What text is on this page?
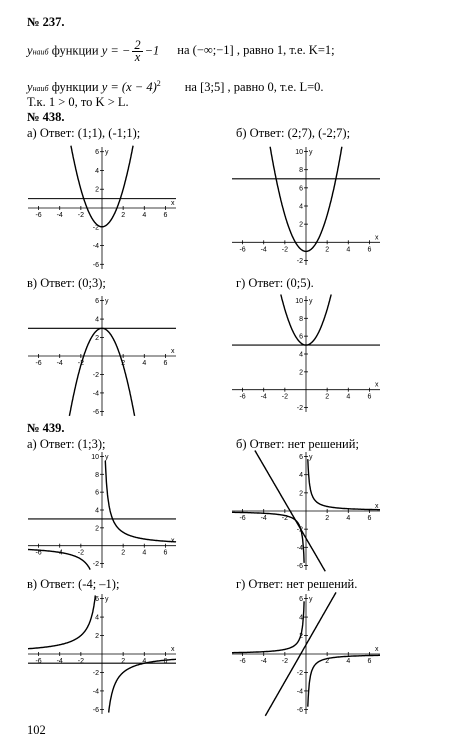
№ 237.
yнаиб функции y = − $\frac{2}{x} -1$ на (−∞;−1] , равно 1, т.е. K=1;
yнаиб функции $y = (x - 4)^2$ на [3;5] , равно 0, т.е. L=0.
Т.к. 1 > 0, то K > L.
№ 438.
а) Ответ: (1;1), (-1;1);	б) Ответ: (2;7), (-2;7);
в) Ответ: (0;3);	г) Ответ: (0;5).
№ 439.
а) Ответ: (1;3);	б) Ответ: нет решений;
в) Ответ: (-4; –1);	г) Ответ: нет решений.
x
y
-6 -4 -2	2 4 6
-6
-4
-2
2
4
6
x
y
-6 -4 -2	2 4 6
-2
2
4
6
8
10
x
y
-6 -4 -2	2 4 6
-6
-4
-2
2
4
6
x
y
-6 -4 -2	2 4 6
-2
2
4
6
8
10
x
y
-6 -4 -2	2 4 6
-2
2
4
6
8
10
x
y
-6 -4 -2	2 4 6
-6
-4
-2
2
4
6
x
y
-6 -4 -2	2 4 6
-6
-4
-2
2
4
6
x
y
-6 -4 -2	2 4 6
-6
-4
-2
2
4
6
102
